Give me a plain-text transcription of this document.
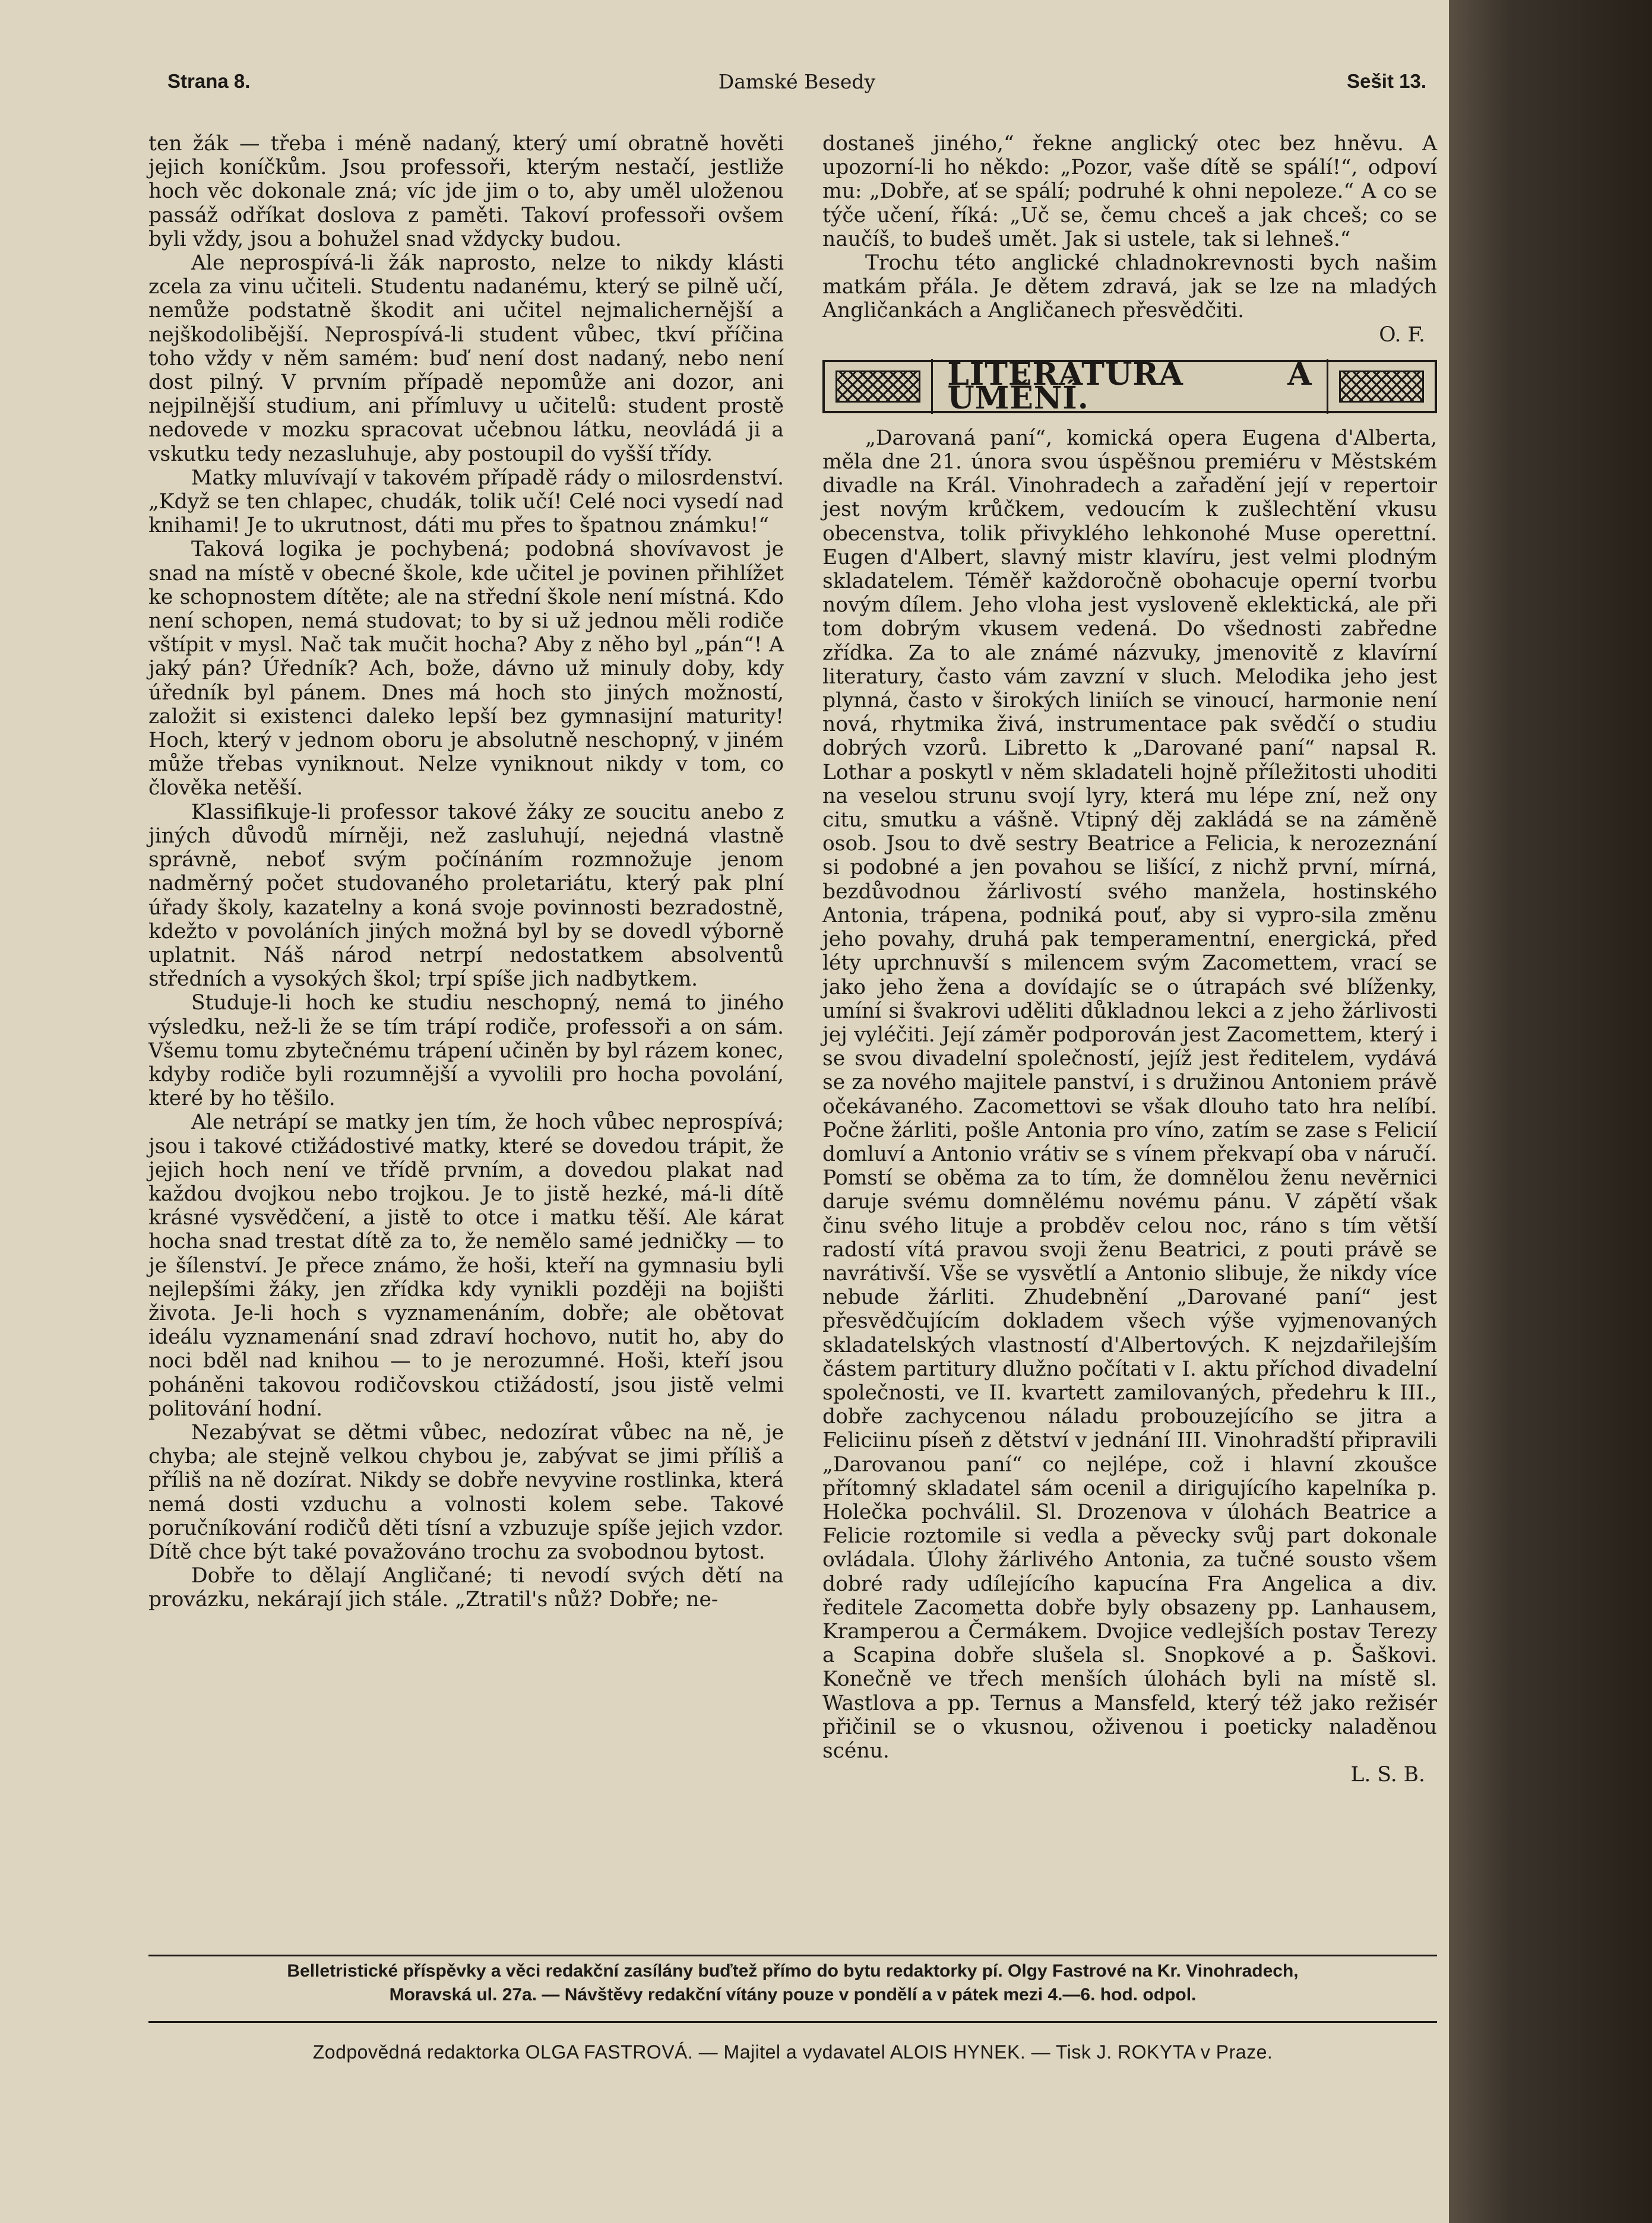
Strana 8.	Damské Besedy	Sešit 13.

ten žák — třeba i méně nadaný, který umí obratně hověti jejich koníčkům. Jsou professoři, kterým nestačí, jestliže hoch věc dokonale zná; víc jde jim o to, aby uměl uloženou passáž odříkat doslova z paměti. Takoví professoři ovšem byli vždy, jsou a bohužel snad vždycky budou.

Ale neprospívá-li žák naprosto, nelze to nikdy klásti zcela za vinu učiteli. Studentu nadanému, který se pilně učí, nemůže podstatně škodit ani učitel nejmalichernější a nejškodolibější. Neprospívá-li student vůbec, tkví příčina toho vždy v něm samém: buď není dost nadaný, nebo není dost pilný. V prvním případě nepomůže ani dozor, ani nejpilnější studium, ani přímluvy u učitelů: student prostě nedovede v mozku spracovat učebnou látku, neovládá ji a vskutku tedy nezasluhuje, aby postoupil do vyšší třídy.

Matky mluvívají v takovém případě rády o milosrdenství. „Když se ten chlapec, chudák, tolik učí! Celé noci vysedí nad knihami! Je to ukrutnost, dáti mu přes to špatnou známku!“

Taková logika je pochybená; podobná shovívavost je snad na místě v obecné škole, kde učitel je povinen přihlížet ke schopnostem dítěte; ale na střední škole není místná. Kdo není schopen, nemá studovat; to by si už jednou měli rodiče vštípit v mysl. Nač tak mučit hocha? Aby z něho byl „pán“! A jaký pán? Úředník? Ach, bože, dávno už minuly doby, kdy úředník byl pánem. Dnes má hoch sto jiných možností, založit si existenci daleko lepší bez gymnasijní maturity! Hoch, který v jednom oboru je absolutně neschopný, v jiném může třebas vyniknout. Nelze vyniknout nikdy v tom, co člověka netěší.

Klassifikuje-li professor takové žáky ze soucitu anebo z jiných důvodů mírněji, než zasluhují, nejedná vlastně správně, neboť svým počínáním rozmnožuje jenom nadměrný počet studovaného proletariátu, který pak plní úřady školy, kazatelny a koná svoje povinnosti bezradostně, kdežto v povoláních jiných možná byl by se dovedl výborně uplatnit. Náš národ netrpí nedostatkem absolventů středních a vysokých škol; trpí spíše jich nadbytkem.

Studuje-li hoch ke studiu neschopný, nemá to jiného výsledku, než-li že se tím trápí rodiče, professoři a on sám. Všemu tomu zbytečnému trápení učiněn by byl rázem konec, kdyby rodiče byli rozumnější a vyvolili pro hocha povolání, které by ho těšilo.

Ale netrápí se matky jen tím, že hoch vůbec neprospívá; jsou i takové ctižádostivé matky, které se dovedou trápit, že jejich hoch není ve třídě prvním, a dovedou plakat nad každou dvojkou nebo trojkou. Je to jistě hezké, má-li dítě krásné vysvědčení, a jistě to otce i matku těší. Ale kárat hocha snad trestat dítě za to, že nemělo samé jedničky — to je šílenství. Je přece známo, že hoši, kteří na gymnasiu byli nejlepšími žáky, jen zřídka kdy vynikli později na bojišti života. Je-li hoch s vyznamenáním, dobře; ale obětovat ideálu vyznamenání snad zdraví hochovo, nutit ho, aby do noci bděl nad knihou — to je nerozumné. Hoši, kteří jsou poháněni takovou rodičovskou ctižádostí, jsou jistě velmi politování hodní.

Nezabývat se dětmi vůbec, nedozírat vůbec na ně, je chyba; ale stejně velkou chybou je, zabývat se jimi příliš a příliš na ně dozírat. Nikdy se dobře nevyvine rostlinka, která nemá dosti vzduchu a volnosti kolem sebe. Takové poručníkování rodičů děti tísní a vzbuzuje spíše jejich vzdor. Dítě chce být také považováno trochu za svobodnou bytost.

Dobře to dělají Angličané; ti nevodí svých dětí na provázku, nekárají jich stále. „Ztratil's nůž? Dobře; ne-

dostaneš jiného,“ řekne anglický otec bez hněvu. A upozorní-li ho někdo: „Pozor, vaše dítě se spálí!“, odpoví mu: „Dobře, ať se spálí; podruhé k ohni nepoleze.“ A co se týče učení, říká: „Uč se, čemu chceš a jak chceš; co se naučíš, to budeš umět. Jak si ustele, tak si lehneš.“

Trochu této anglické chladnokrevnosti bych našim matkám přála. Je dětem zdravá, jak se lze na mladých Angličankách a Angličanech přesvědčiti.

O. F.
LITERATURA A UMĚNÍ.

„Darovaná paní“, komická opera Eugena d'Alberta, měla dne 21. února svou úspěšnou premiéru v Městském divadle na Král. Vinohradech a zařadění její v repertoir jest novým krůčkem, vedoucím k zušlechtění vkusu obecenstva, tolik přivyklého lehkonohé Muse operettní. Eugen d'Albert, slavný mistr klavíru, jest velmi plodným skladatelem. Téměř každoročně obohacuje operní tvorbu novým dílem. Jeho vloha jest vysloveně eklektická, ale při tom dobrým vkusem vedená. Do všednosti zabředne zřídka. Za to ale známé názvuky, jmenovitě z klavírní literatury, často vám zavzní v sluch. Melodika jeho jest plynná, často v širokých liniích se vinoucí, harmonie není nová, rhytmika živá, instrumentace pak svědčí o studiu dobrých vzorů. Libretto k „Darované paní“ napsal R. Lothar a poskytl v něm skladateli hojně příležitosti uhoditi na veselou strunu svojí lyry, která mu lépe zní, než ony citu, smutku a vášně. Vtipný děj zakládá se na záměně osob. Jsou to dvě sestry Beatrice a Felicia, k nerozeznání si podobné a jen povahou se lišící, z nichž první, mírná, bezdůvodnou žárlivostí svého manžela, hostinského Antonia, trápena, podniká pouť, aby si vypro-sila změnu jeho povahy, druhá pak temperamentní, energická, před léty uprchnuvší s milencem svým Zacomettem, vrací se jako jeho žena a dovídajíc se o útrapách své blíženky, umíní si švakrovi uděliti důkladnou lekci a z jeho žárlivosti jej vyléčiti. Její záměr podporován jest Zacomettem, který i se svou divadelní společností, jejíž jest ředitelem, vydává se za nového majitele panství, i s družinou Antoniem právě očekávaného. Zacomettovi se však dlouho tato hra nelíbí. Počne žárliti, pošle Antonia pro víno, zatím se zase s Felicií domluví a Antonio vrátiv se s vínem překvapí oba v náručí. Pomstí se oběma za to tím, že domnělou ženu nevěrnici daruje svému domnělému novému pánu. V zápětí však činu svého lituje a probděv celou noc, ráno s tím větší radostí vítá pravou svoji ženu Beatrici, z pouti právě se navrátivší. Vše se vysvětlí a Antonio slibuje, že nikdy více nebude žárliti. Zhudebnění „Darované paní“ jest přesvědčujícím dokladem všech výše vyjmenovaných skladatelských vlastností d'Albertových. K nejzdařilejším částem partitury dlužno počítati v I. aktu příchod divadelní společnosti, ve II. kvartett zamilovaných, předehru k III., dobře zachycenou náladu probouzejícího se jitra a Feliciinu píseň z dětství v jednání III. Vinohradští připravili „Darovanou paní“ co nejlépe, což i hlavní zkoušce přítomný skladatel sám ocenil a dirigujícího kapelníka p. Holečka pochválil. Sl. Drozenova v úlohách Beatrice a Felicie roztomile si vedla a pěvecky svůj part dokonale ovládala. Úlohy žárlivého Antonia, za tučné sousto všem dobré rady udílejícího kapucína Fra Angelica a div. ředitele Zacometta dobře byly obsazeny pp. Lanhausem, Kramperou a Čermákem. Dvojice vedlejších postav Terezy a Scapina dobře slušela sl. Snopkové a p. Šaškovi. Konečně ve třech menších úlohách byli na místě sl. Wastlova a pp. Ternus a Mansfeld, který též jako režisér přičinil se o vkusnou, oživenou i poeticky naladěnou scénu.

L. S. B.
Belletristické příspěvky a věci redakční zasílány buďtež přímo do bytu redaktorky pí. Olgy Fastrové na Kr. Vinohradech,
Moravská ul. 27a. — Návštěvy redakční vítány pouze v pondělí a v pátek mezi 4.—6. hod. odpol.
Zodpovědná redaktorka OLGA FASTROVÁ. — Majitel a vydavatel ALOIS HYNEK. — Tisk J. ROKYTA v Praze.
